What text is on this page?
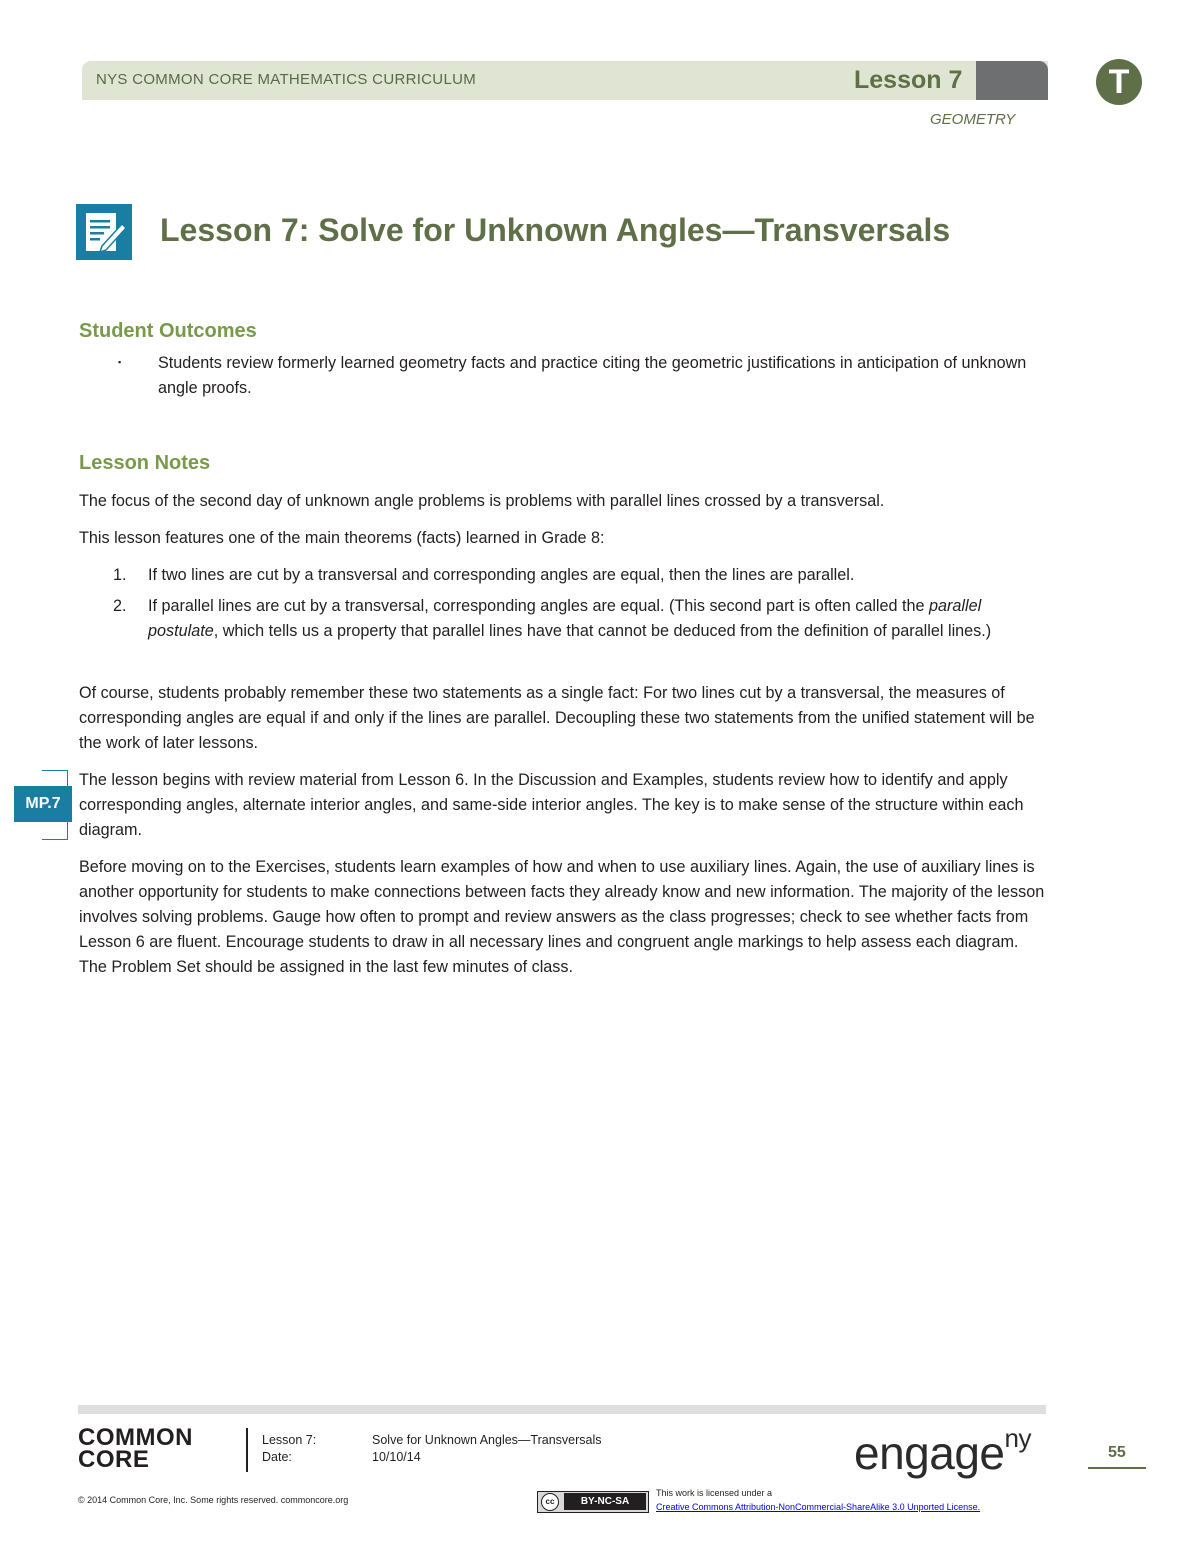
NYS COMMON CORE MATHEMATICS CURRICULUM	Lesson 7	T
GEOMETRY
Lesson 7: Solve for Unknown Angles—Transversals
Student Outcomes
▪ Students review formerly learned geometry facts and practice citing the geometric justifications in anticipation of unknown angle proofs.

Lesson Notes

The focus of the second day of unknown angle problems is problems with parallel lines crossed by a transversal.

This lesson features one of the main theorems (facts) learned in Grade 8:

1. If two lines are cut by a transversal and corresponding angles are equal, then the lines are parallel.

2. If parallel lines are cut by a transversal, corresponding angles are equal. (This second part is often called the parallel postulate, which tells us a property that parallel lines have that cannot be deduced from the definition of parallel lines.)

Of course, students probably remember these two statements as a single fact: For two lines cut by a transversal, the measures of corresponding angles are equal if and only if the lines are parallel. Decoupling these two statements from the unified statement will be the work of later lessons.

MP.7

The lesson begins with review material from Lesson 6. In the Discussion and Examples, students review how to identify and apply corresponding angles, alternate interior angles, and same-side interior angles. The key is to make sense of the structure within each diagram.

Before moving on to the Exercises, students learn examples of how and when to use auxiliary lines. Again, the use of auxiliary lines is another opportunity for students to make connections between facts they already know and new information. The majority of the lesson involves solving problems. Gauge how often to prompt and review answers as the class progresses; check to see whether facts from Lesson 6 are fluent. Encourage students to draw in all necessary lines and congruent angle markings to help assess each diagram. The Problem Set should be assigned in the last few minutes of class.

COMMON
CORE
Lesson 7:	Solve for Unknown Angles—Transversals
Date:	10/10/14	engage$^{ny}$	55
© 2014 Common Core, Inc. Some rights reserved. commoncore.org	cc	BY-NC-SA
This work is licensed under a
Creative Commons Attribution-NonCommercial-ShareAlike 3.0 Unported License.
